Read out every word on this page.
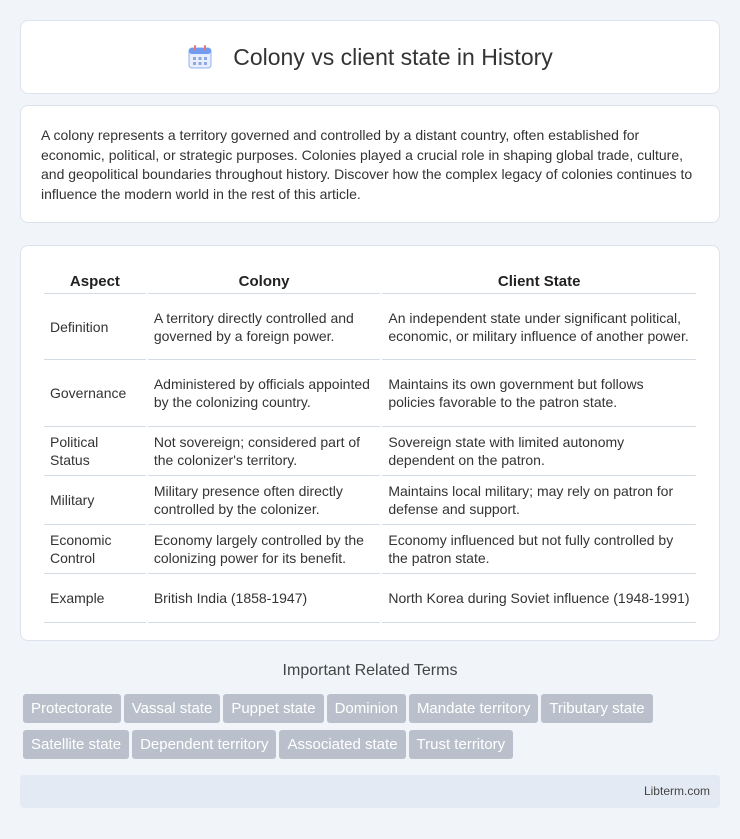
Colony vs client state in History

A colony represents a territory governed and controlled by a distant country, often established for economic, political, or strategic purposes. Colonies played a crucial role in shaping global trade, culture, and geopolitical boundaries throughout history. Discover how the complex legacy of colonies continues to influence the modern world in the rest of this article.

Aspect	Colony	Client State
Definition	A territory directly controlled and governed by a foreign power.	An independent state under significant political, economic, or military influence of another power.
Governance	Administered by officials appointed by the colonizing country.	Maintains its own government but follows policies favorable to the patron state.
Political Status	Not sovereign; considered part of the colonizer's territory.	Sovereign state with limited autonomy dependent on the patron.
Military	Military presence often directly controlled by the colonizer.	Maintains local military; may rely on patron for defense and support.
Economic Control	Economy largely controlled by the colonizing power for its benefit.	Economy influenced but not fully controlled by the patron state.
Example	British India (1858-1947)	North Korea during Soviet influence (1948-1991)
Important Related Terms
Protectorate Vassal state Puppet state Dominion Mandate territory Tributary state
Satellite state Dependent territory Associated state Trust territory
Libterm.com
